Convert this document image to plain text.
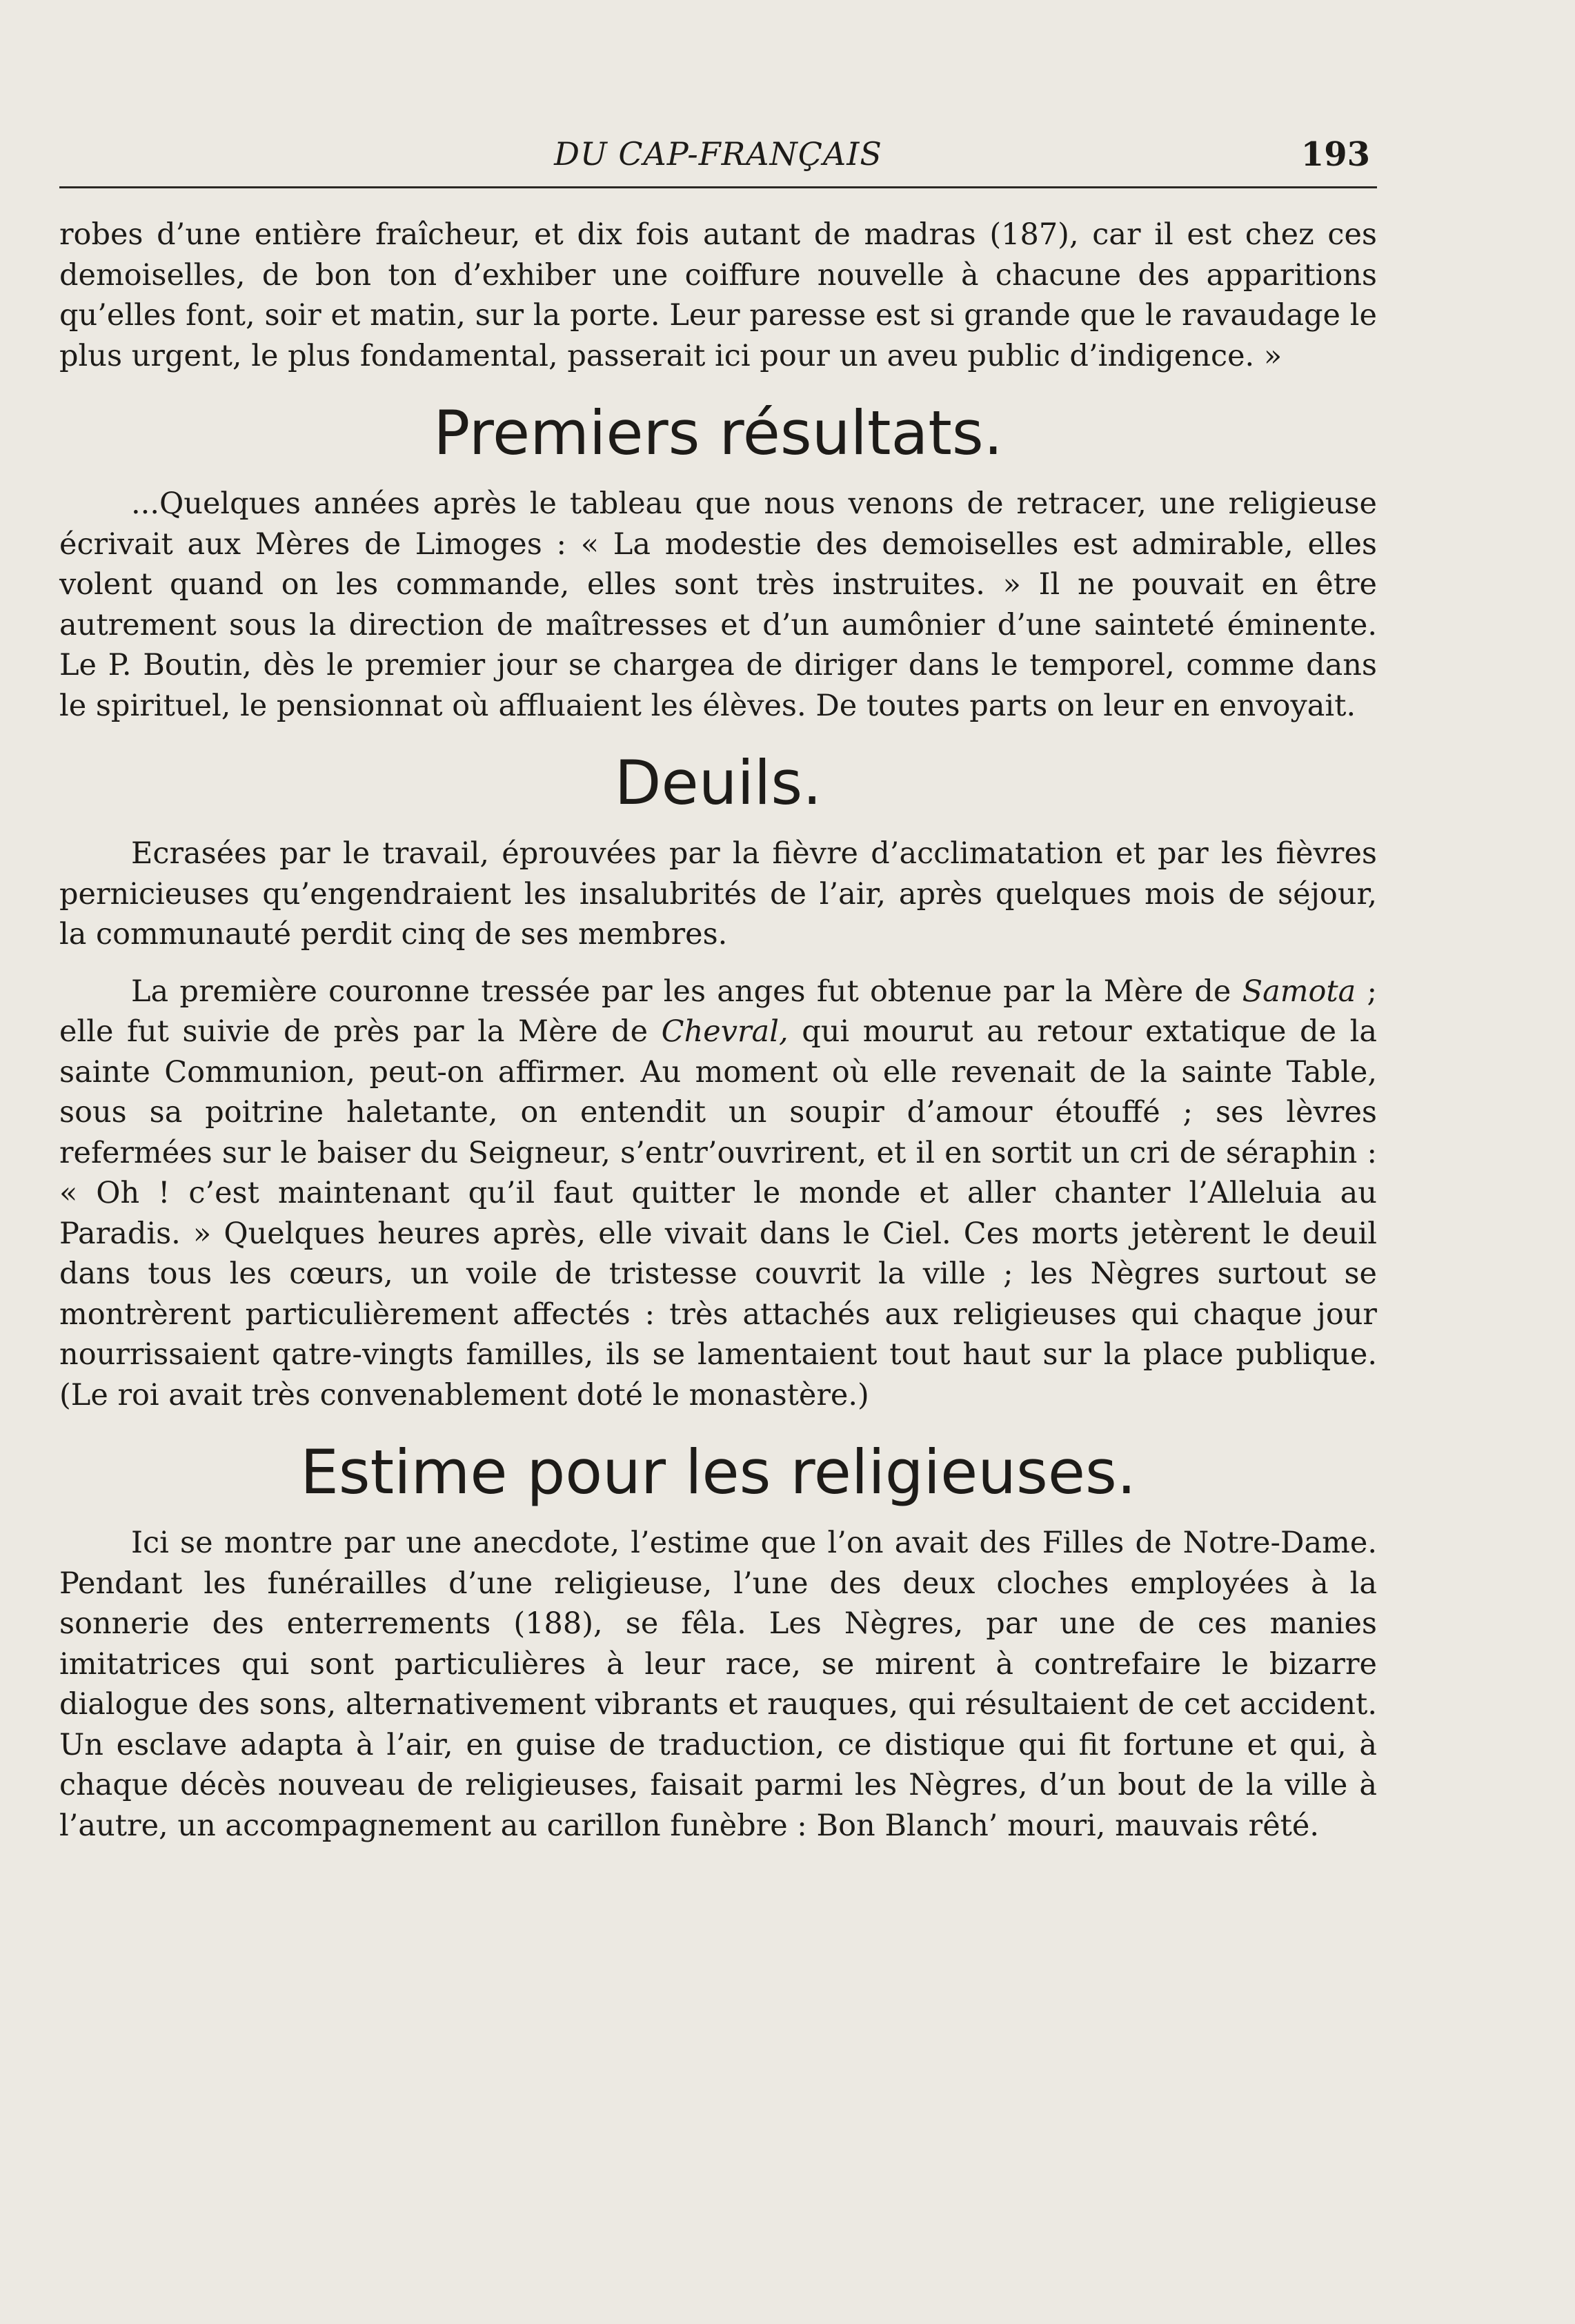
DU CAP-FRANÇAIS	193

robes d’une entière fraîcheur, et dix fois autant de madras (187), car il est chez ces demoiselles, de bon ton d’exhiber une coiffure nouvelle à chacune des apparitions qu’elles font, soir et matin, sur la porte. Leur paresse est si grande que le ravaudage le plus urgent, le plus fondamental, passerait ici pour un aveu public d’indigence. »

Premiers résultats.

...Quelques années après le tableau que nous venons de retracer, une religieuse écrivait aux Mères de Limoges : « La modestie des demoiselles est admirable, elles volent quand on les commande, elles sont très instruites. » Il ne pouvait en être autrement sous la direction de maîtresses et d’un aumônier d’une sainteté éminente. Le P. Boutin, dès le premier jour se chargea de diriger dans le temporel, comme dans le spirituel, le pensionnat où affluaient les élèves. De toutes parts on leur en envoyait.

Deuils.

Ecrasées par le travail, éprouvées par la fièvre d’acclimatation et par les fièvres pernicieuses qu’engendraient les insalubrités de l’air, après quelques mois de séjour, la communauté perdit cinq de ses membres.

La première couronne tressée par les anges fut obtenue par la Mère de Samota ; elle fut suivie de près par la Mère de Chevral, qui mourut au retour extatique de la sainte Communion, peut-on affirmer. Au moment où elle revenait de la sainte Table, sous sa poitrine haletante, on entendit un soupir d’amour étouffé ; ses lèvres refermées sur le baiser du Seigneur, s’entr’ouvrirent, et il en sortit un cri de séraphin : « Oh ! c’est maintenant qu’il faut quitter le monde et aller chanter l’Alleluia au Paradis. » Quelques heures après, elle vivait dans le Ciel. Ces morts jetèrent le deuil dans tous les cœurs, un voile de tristesse couvrit la ville ; les Nègres surtout se montrèrent particulièrement affectés : très attachés aux religieuses qui chaque jour nourrissaient qatre-vingts familles, ils se lamentaient tout haut sur la place publique. (Le roi avait très convenablement doté le monastère.)

Estime pour les religieuses.

Ici se montre par une anecdote, l’estime que l’on avait des Filles de Notre-Dame. Pendant les funérailles d’une religieuse, l’une des deux cloches employées à la sonnerie des enterrements (188), se fêla. Les Nègres, par une de ces manies imitatrices qui sont particulières à leur race, se mirent à contrefaire le bizarre dialogue des sons, alternativement vibrants et rauques, qui résultaient de cet accident. Un esclave adapta à l’air, en guise de traduction, ce distique qui fit fortune et qui, à chaque décès nouveau de religieuses, faisait parmi les Nègres, d’un bout de la ville à l’autre, un accompagnement au carillon funèbre : Bon Blanch’ mouri, mauvais rêté.
